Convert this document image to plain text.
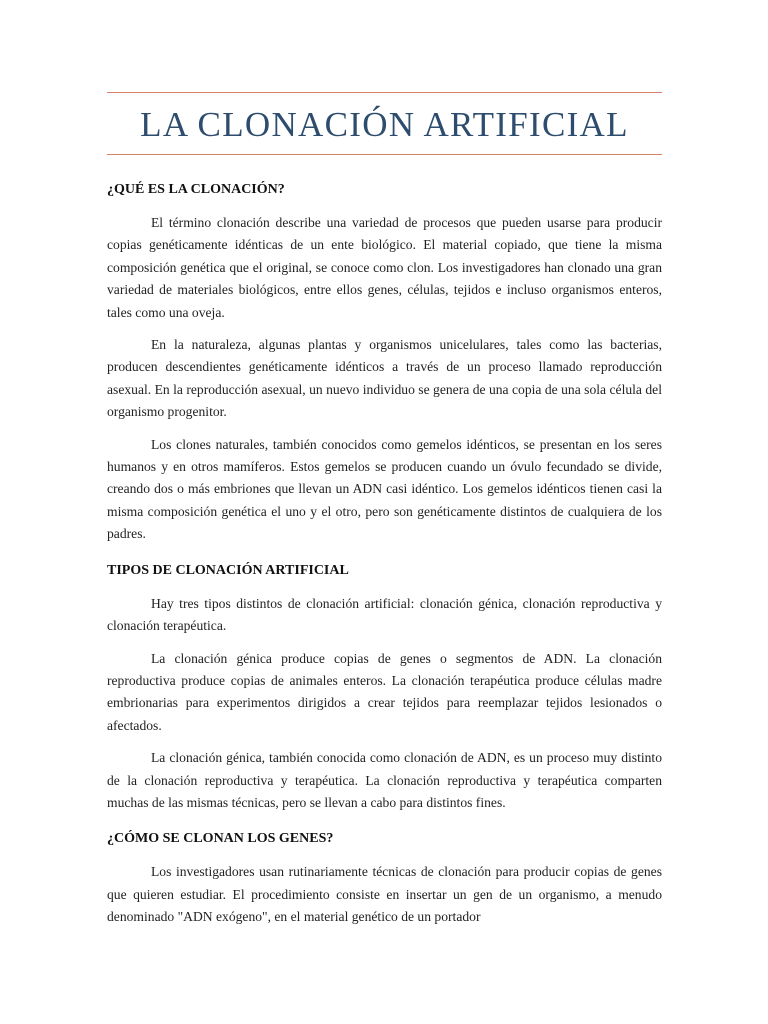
LA CLONACIÓN ARTIFICIAL
¿QUÉ ES LA CLONACIÓN?

El término clonación describe una variedad de procesos que pueden usarse para producir copias genéticamente idénticas de un ente biológico. El material copiado, que tiene la misma composición genética que el original, se conoce como clon. Los investigadores han clonado una gran variedad de materiales biológicos, entre ellos genes, células, tejidos e incluso organismos enteros, tales como una oveja.

En la naturaleza, algunas plantas y organismos unicelulares, tales como las bacterias, producen descendientes genéticamente idénticos a través de un proceso llamado reproducción asexual. En la reproducción asexual, un nuevo individuo se genera de una copia de una sola célula del organismo progenitor.

Los clones naturales, también conocidos como gemelos idénticos, se presentan en los seres humanos y en otros mamíferos. Estos gemelos se producen cuando un óvulo fecundado se divide, creando dos o más embriones que llevan un ADN casi idéntico. Los gemelos idénticos tienen casi la misma composición genética el uno y el otro, pero son genéticamente distintos de cualquiera de los padres.

TIPOS DE CLONACIÓN ARTIFICIAL

Hay tres tipos distintos de clonación artificial: clonación génica, clonación reproductiva y clonación terapéutica.

La clonación génica produce copias de genes o segmentos de ADN. La clonación reproductiva produce copias de animales enteros. La clonación terapéutica produce células madre embrionarias para experimentos dirigidos a crear tejidos para reemplazar tejidos lesionados o afectados.

La clonación génica, también conocida como clonación de ADN, es un proceso muy distinto de la clonación reproductiva y terapéutica. La clonación reproductiva y terapéutica comparten muchas de las mismas técnicas, pero se llevan a cabo para distintos fines.

¿CÓMO SE CLONAN LOS GENES?

Los investigadores usan rutinariamente técnicas de clonación para producir copias de genes que quieren estudiar. El procedimiento consiste en insertar un gen de un organismo, a menudo denominado "ADN exógeno", en el material genético de un portador
